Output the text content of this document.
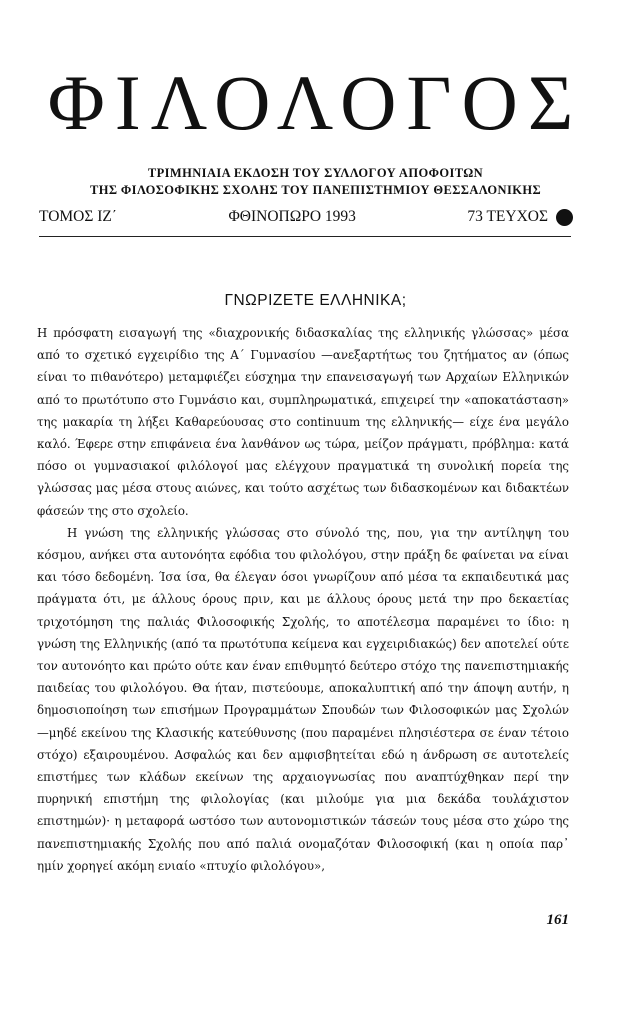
ΦΙΛΟΛΟΓΟΣ
ΤΡΙΜΗΝΙΑΙΑ ΕΚΔΟΣΗ ΤΟΥ ΣΥΛΛΟΓΟΥ ΑΠΟΦΟΙΤΩΝ
ΤΗΣ ΦΙΛΟΣΟΦΙΚΗΣ ΣΧΟΛΗΣ ΤΟΥ ΠΑΝΕΠΙΣΤΗΜΙΟΥ ΘΕΣΣΑΛΟΝΙΚΗΣ
ΤΟΜΟΣ ΙΖ΄	ΦΘΙΝΟΠΩΡΟ 1993	73 ΤΕΥΧΟΣ
ΓΝΩΡΙΖΕΤΕ ΕΛΛΗΝΙΚΑ;

Η πρόσφατη εισαγωγή της «διαχρονικής διδασκαλίας της ελληνικής γλώσσας» μέσα από το σχετικό εγχειρίδιο της Α΄ Γυμνασίου —ανεξαρτήτως του ζητήματος αν (όπως είναι το πιθανότερο) μεταμφιέζει εύσχημα την επανεισαγωγή των Αρχαίων Ελληνικών από το πρωτότυπο στο Γυμνάσιο και, συμπληρωματικά, επιχειρεί την «αποκατάσταση» της μακαρία τη λήξει Καθαρεύουσας στο continuum της ελληνικής— είχε ένα μεγάλο καλό. Έφερε στην επιφάνεια ένα λανθάνον ως τώρα, μείζον πράγματι, πρόβλημα: κατά πόσο οι γυμνασιακοί φιλόλογοί μας ελέγχουν πραγματικά τη συνολική πορεία της γλώσσας μας μέσα στους αιώνες, και τούτο ασχέτως των διδασκομένων και διδακτέων φάσεών της στο σχολείο.

Η γνώση της ελληνικής γλώσσας στο σύνολό της, που, για την αντίληψη του κόσμου, ανήκει στα αυτονόητα εφόδια του φιλολόγου, στην πράξη δε φαίνεται να είναι και τόσο δεδομένη. Ίσα ίσα, θα έλεγαν όσοι γνωρίζουν από μέσα τα εκπαιδευτικά μας πράγματα ότι, με άλλους όρους πριν, και με άλλους όρους μετά την προ δεκαετίας τριχοτόμηση της παλιάς Φιλοσοφικής Σχολής, το αποτέλεσμα παραμένει το ίδιο: η γνώση της Ελληνικής (από τα πρωτότυπα κείμενα και εγχειριδιακώς) δεν αποτελεί ούτε τον αυτονόητο και πρώτο ούτε καν έναν επιθυμητό δεύτερο στόχο της πανεπιστημιακής παιδείας του φιλολόγου. Θα ήταν, πιστεύουμε, αποκαλυπτική από την άποψη αυτήν, η δημοσιοποίηση των επισήμων Προγραμμάτων Σπουδών των Φιλοσοφικών μας Σχολών —μηδέ εκείνου της Κλασικής κατεύθυνσης (που παραμένει πλησιέστερα σε έναν τέτοιο στόχο) εξαιρουμένου. Ασφαλώς και δεν αμφισβητείται εδώ η άνδρωση σε αυτοτελείς επιστήμες των κλάδων εκείνων της αρχαιογνωσίας που αναπτύχθηκαν περί την πυρηνική επιστήμη της φιλολογίας (και μιλούμε για μια δεκάδα τουλάχιστον επιστημών)· η μεταφορά ωστόσο των αυτονομιστικών τάσεών τους μέσα στο χώρο της πανεπιστημιακής Σχολής που από παλιά ονομαζόταν Φιλοσοφική (και η οποία παρ᾽ ημίν χορηγεί ακόμη ενιαίο «πτυχίο φιλολόγου»,

161
